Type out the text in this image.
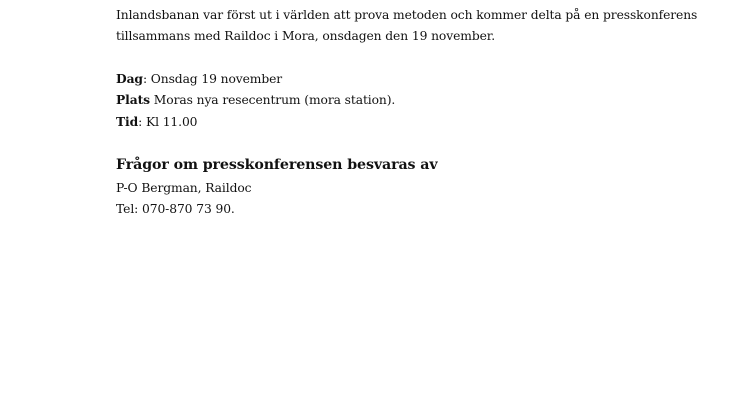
Inlandsbanan var först ut i världen att prova metoden och kommer delta på en presskonferens
tillsammans med Raildoc i Mora, onsdagen den 19 november.
Dag: Onsdag 19 november
Plats Moras nya resecentrum (mora station).
Tid: Kl 11.00
Frågor om presskonferensen besvaras av
P-O Bergman, Raildoc
Tel: 070-870 73 90.
